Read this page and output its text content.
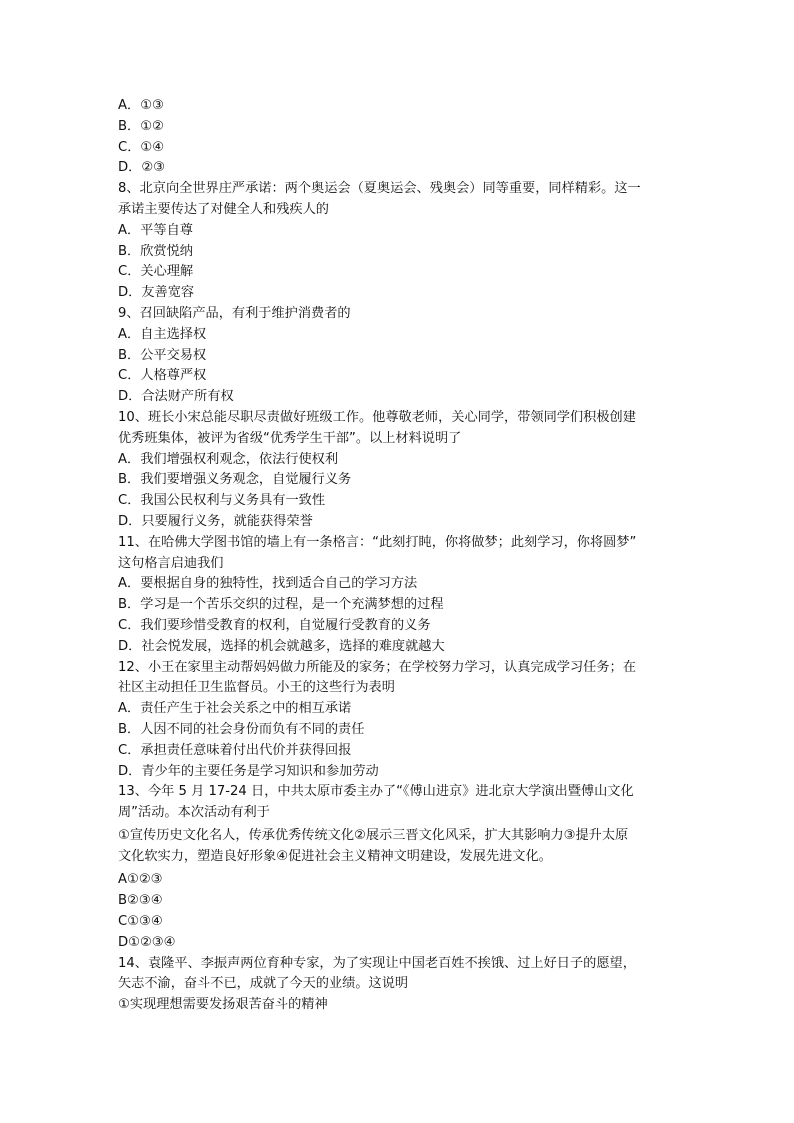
A．①③
B．①②
C．①④
D．②③
8、北京向全世界庄严承诺：两个奥运会（夏奥运会、残奥会）同等重要，同样精彩。这一
承诺主要传达了对健全人和残疾人的
A．平等自尊
B．欣赏悦纳
C．关心理解
D．友善宽容
9、召回缺陷产品，有利于维护消费者的
A．自主选择权
B．公平交易权
C．人格尊严权
D．合法财产所有权
10、班长小宋总能尽职尽责做好班级工作。他尊敬老师，关心同学，带领同学们积极创建
优秀班集体，被评为省级“优秀学生干部”。以上材料说明了
A．我们增强权利观念，依法行使权利
B．我们要增强义务观念，自觉履行义务
C．我国公民权利与义务具有一致性
D．只要履行义务，就能获得荣誉
11、在哈佛大学图书馆的墙上有一条格言：“此刻打盹，你将做梦；此刻学习，你将圆梦”
这句格言启迪我们
A．要根据自身的独特性，找到适合自己的学习方法
B．学习是一个苦乐交织的过程，是一个充满梦想的过程
C．我们要珍惜受教育的权利，自觉履行受教育的义务
D．社会悦发展，选择的机会就越多，选择的难度就越大
12、小王在家里主动帮妈妈做力所能及的家务；在学校努力学习，认真完成学习任务；在
社区主动担任卫生监督员。小王的这些行为表明
A．责任产生于社会关系之中的相互承诺
B．人因不同的社会身份而负有不同的责任
C．承担责任意味着付出代价并获得回报
D．青少年的主要任务是学习知识和参加劳动
13、今年 5 月 17-24 日，中共太原市委主办了“《傅山进京》进北京大学演出暨傅山文化
周”活动。本次活动有利于
①宣传历史文化名人，传承优秀传统文化②展示三晋文化风采，扩大其影响力③提升太原
文化软实力，塑造良好形象④促进社会主义精神文明建设，发展先进文化。
A①②③
B②③④
C①③④
D①②③④
14、袁隆平、李振声两位育种专家，为了实现让中国老百姓不挨饿、过上好日子的愿望，
矢志不渝，奋斗不已，成就了今天的业绩。这说明
①实现理想需要发扬艰苦奋斗的精神
